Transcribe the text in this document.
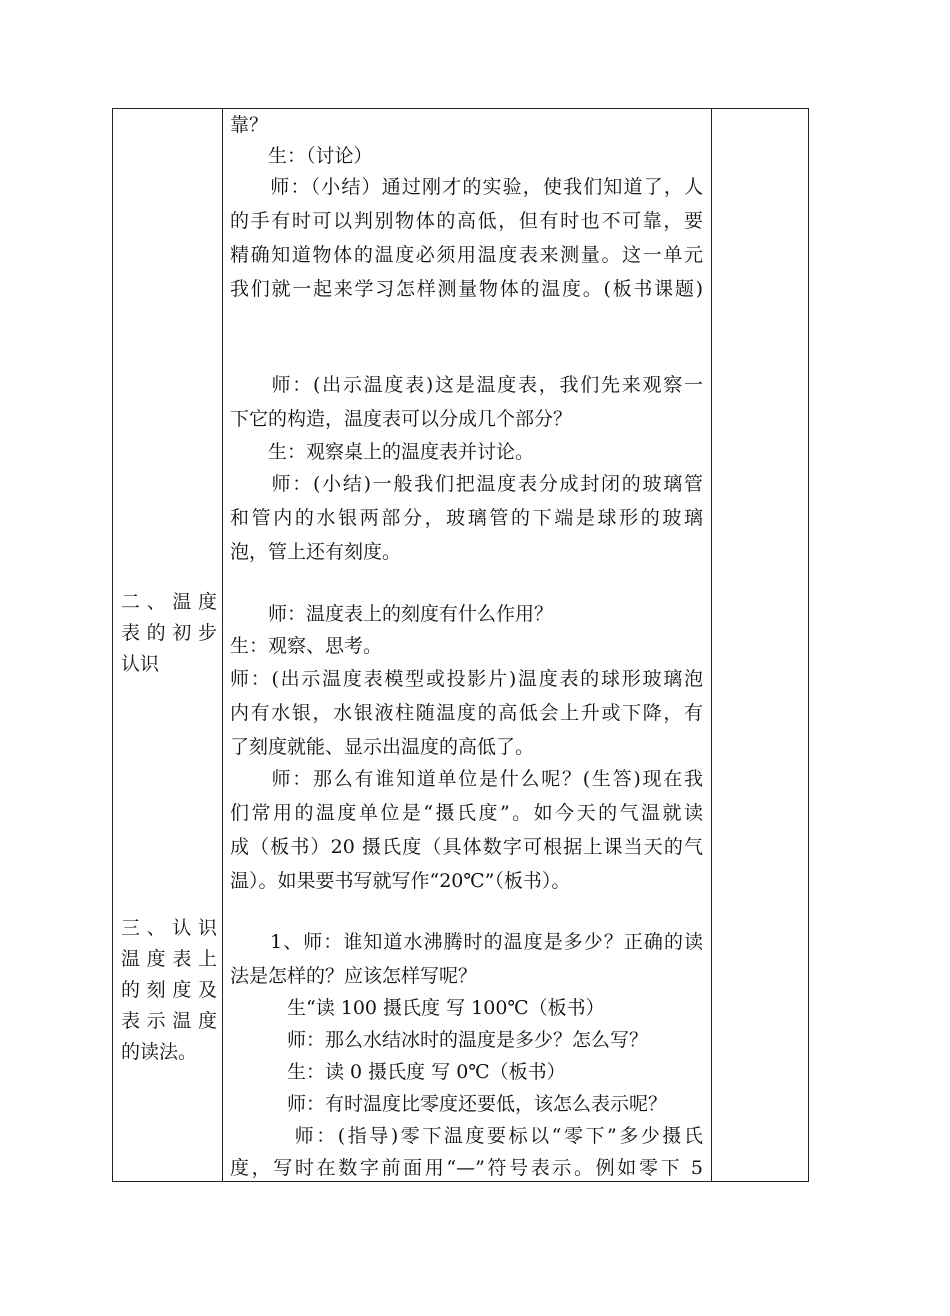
二、温度
表的初步
认识
三、认识
温度表上
的刻度及
表示温度
的读法。
靠？
　　生：（讨论）
　　师：（小结）通过刚才的实验，使我们知道了，人
的手有时可以判别物体的高低，但有时也不可靠，要
精确知道物体的温度必须用温度表来测量。这一单元
我们就一起来学习怎样测量物体的温度。(板书课题)
　　师：(出示温度表)这是温度表，我们先来观察一
下它的构造，温度表可以分成几个部分？
　　生：观察桌上的温度表并讨论。
　　师：(小结)一般我们把温度表分成封闭的玻璃管
和管内的水银两部分，玻璃管的下端是球形的玻璃
泡，管上还有刻度。
　　师：温度表上的刻度有什么作用？
生：观察、思考。
师：(出示温度表模型或投影片)温度表的球形玻璃泡
内有水银，水银液柱随温度的高低会上升或下降，有
了刻度就能、显示出温度的高低了。
　　师：那么有谁知道单位是什么呢？(生答)现在我
们常用的温度单位是“摄氏度”。如今天的气温就读
成（板书）20 摄氏度（具体数字可根据上课当天的气
温）。如果要书写就写作“20℃”（板书）。
　　1、师：谁知道水沸腾时的温度是多少？正确的读
法是怎样的？应该怎样写呢？
　　　生“读 100 摄氏度 写 100℃（板书）
　　　师：那么水结冰时的温度是多少？怎么写？
　　　生：读 0 摄氏度 写 0℃（板书）
　　　师：有时温度比零度还要低，该怎么表示呢？
　　　师：(指导)零下温度要标以“零下”多少摄氏
度，写时在数字前面用“—”符号表示。例如零下 5
